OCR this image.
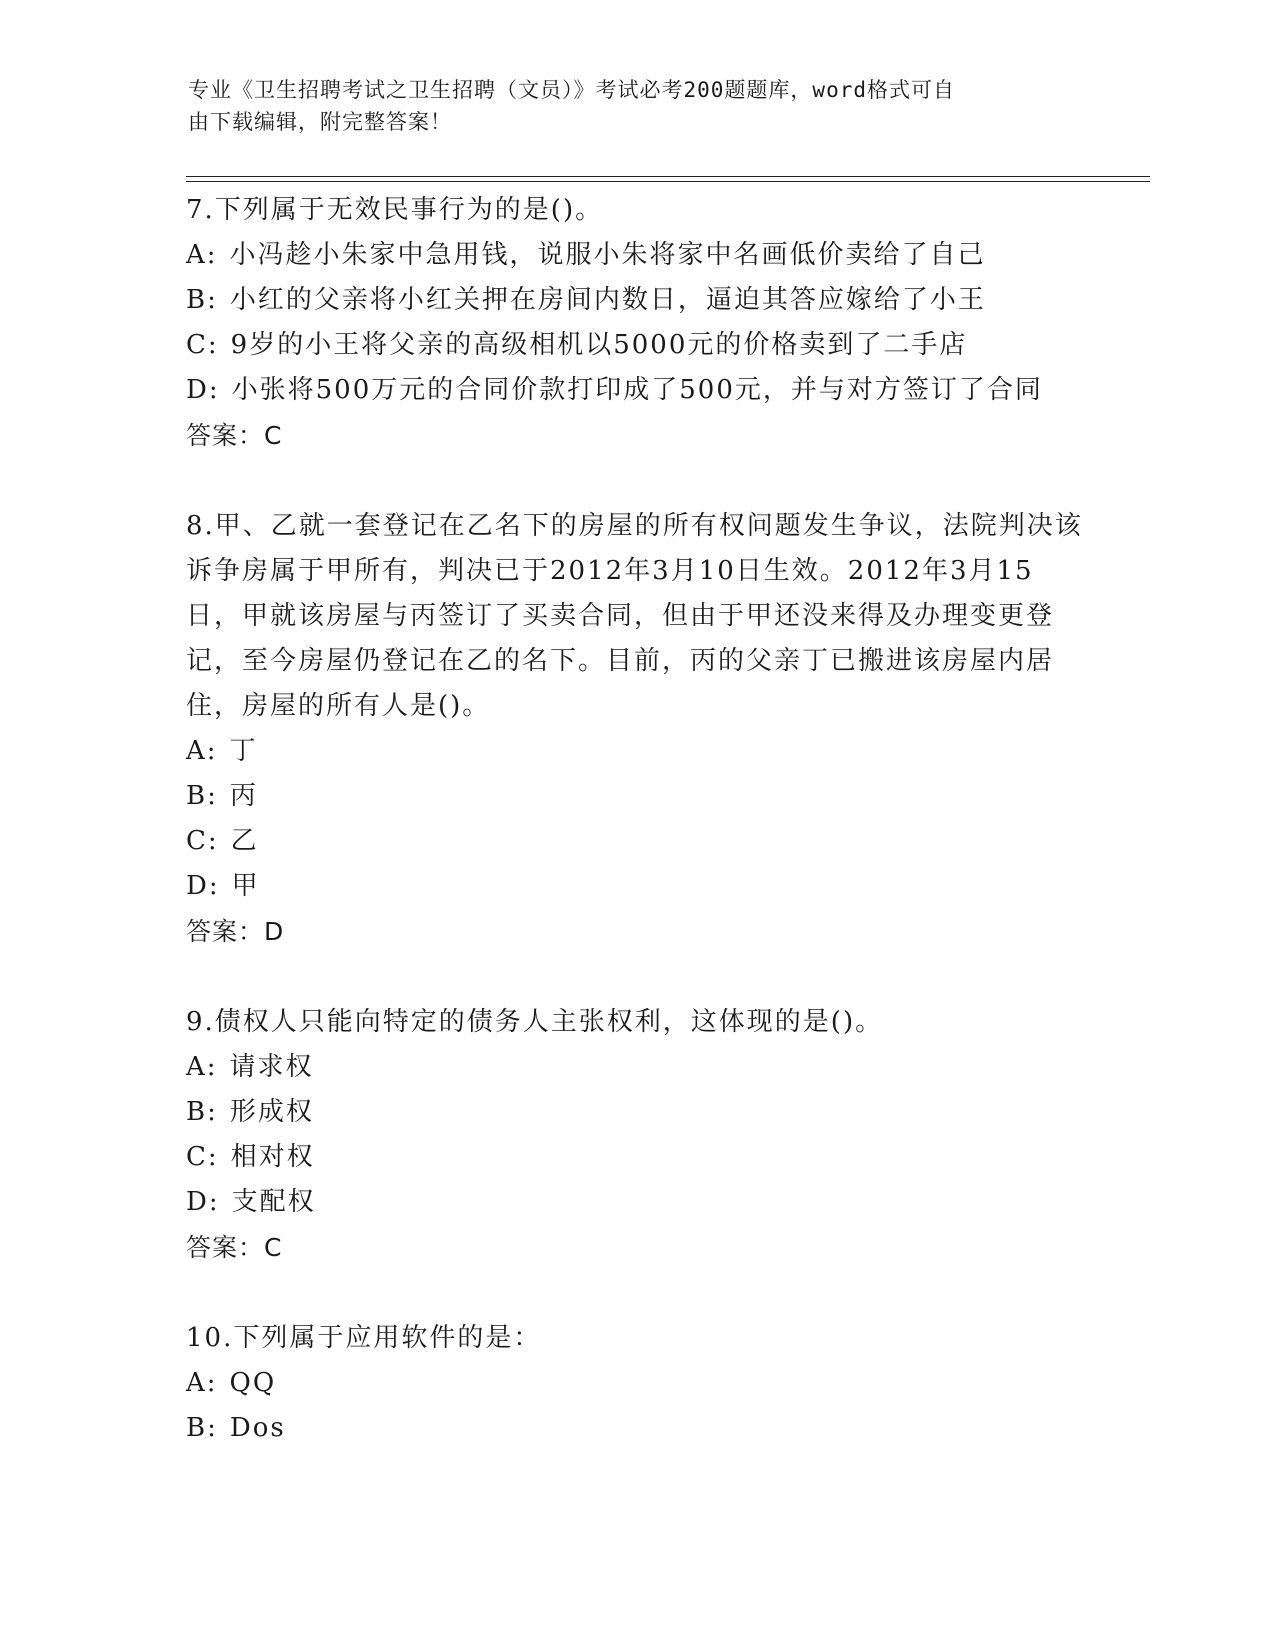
专业《卫生招聘考试之卫生招聘（文员）》考试必考200题题库，word格式可自
由下载编辑，附完整答案！

7.下列属于无效民事行为的是()。

A: 小冯趁小朱家中急用钱，说服小朱将家中名画低价卖给了自己

B: 小红的父亲将小红关押在房间内数日，逼迫其答应嫁给了小王

C: 9岁的小王将父亲的高级相机以5000元的价格卖到了二手店

D: 小张将500万元的合同价款打印成了500元，并与对方签订了合同

答案：C

8.甲、乙就一套登记在乙名下的房屋的所有权问题发生争议，法院判决该诉争房属于甲所有，判决已于2012年3月10日生效。2012年3月15日，甲就该房屋与丙签订了买卖合同，但由于甲还没来得及办理变更登记，至今房屋仍登记在乙的名下。目前，丙的父亲丁已搬进该房屋内居住，房屋的所有人是()。

A: 丁

B: 丙

C: 乙

D: 甲

答案：D

9.债权人只能向特定的债务人主张权利，这体现的是()。

A: 请求权

B: 形成权

C: 相对权

D: 支配权

答案：C

10.下列属于应用软件的是：

A: QQ

B: Dos
